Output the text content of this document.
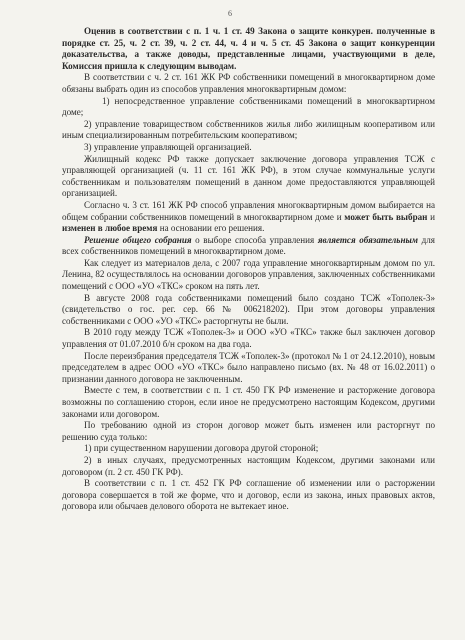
6

Оценив в соответствии с п. 1 ч. 1 ст. 49 Закона о защите конкурен. полученные в порядке ст. 25, ч. 2 ст. 39, ч. 2 ст. 44, ч. 4 и ч. 5 ст. 45 Закона о защит конкуренции доказательства, а также доводы, представленные лицами, участвующими в деле, Комиссия пришла к следующим выводам.

В соответствии с ч. 2 ст. 161 ЖК РФ собственники помещений в многоквартирном доме обязаны выбрать один из способов управления многоквартирным домом:

1) непосредственное управление собственниками помещений в многоквартирном доме;

2) управление товариществом собственников жилья либо жилищным кооперативом или иным специализированным потребительским кооперативом;

3) управление управляющей организацией.

Жилищный кодекс РФ также допускает заключение договора управления ТСЖ с управляющей организацией (ч. 11 ст. 161 ЖК РФ), в этом случае коммунальные услуги собственникам и пользователям помещений в данном доме предоставляются управляющей организацией.

Согласно ч. 3 ст. 161 ЖК РФ способ управления многоквартирным домом выбирается на общем собрании собственников помещений в многоквартирном доме и может быть выбран и изменен в любое время на основании его решения.

Решение общего собрания о выборе способа управления является обязательным для всех собственников помещений в многоквартирном доме.

Как следует из материалов дела, с 2007 года управление многоквартирным домом по ул. Ленина, 82 осуществлялось на основании договоров управления, заключенных собственниками помещений с ООО «УО «ТКС» сроком на пять лет.

В августе 2008 года собственниками помещений было создано ТСЖ «Тополек-3» (свидетельство о гос. рег. сер. 66 № 006218202). При этом договоры управления собственниками с ООО «УО «ТКС» расторгнуты не были.

В 2010 году между ТСЖ «Тополек-3» и ООО «УО «ТКС» также был заключен договор управления от 01.07.2010 б/н сроком на два года.

После переизбрания председателя ТСЖ «Тополек-3» (протокол № 1 от 24.12.2010), новым председателем в адрес ООО «УО «ТКС» было направлено письмо (вх. № 48 от 16.02.2011) о признании данного договора не заключенным.

Вместе с тем, в соответствии с п. 1 ст. 450 ГК РФ изменение и расторжение договора возможны по соглашению сторон, если иное не предусмотрено настоящим Кодексом, другими законами или договором.

По требованию одной из сторон договор может быть изменен или расторгнут по решению суда только:

1) при существенном нарушении договора другой стороной;

2) в иных случаях, предусмотренных настоящим Кодексом, другими законами или договором (п. 2 ст. 450 ГК РФ).

В соответствии с п. 1 ст. 452 ГК РФ соглашение об изменении или о расторжении договора совершается в той же форме, что и договор, если из закона, иных правовых актов, договора или обычаев делового оборота не вытекает иное.
